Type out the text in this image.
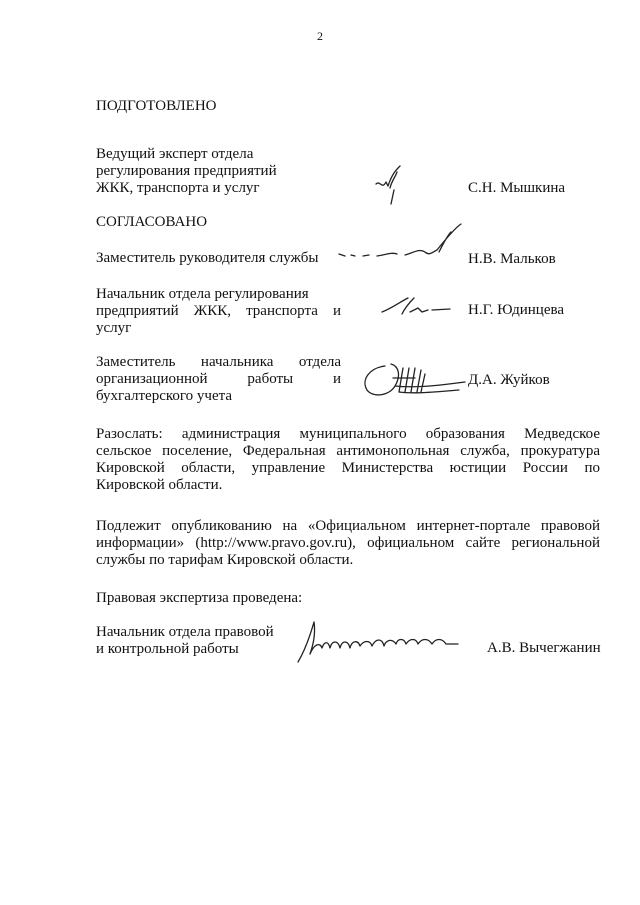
2
ПОДГОТОВЛЕНО
Ведущий эксперт отдела
регулирования предприятий
ЖКК, транспорта и услуг	С.Н. Мышкина
СОГЛАСОВАНО
Заместитель руководителя службы	Н.В. Мальков
Начальник отдела регулирования
предприятий ЖКК, транспорта и
услуг
Н.Г. Юдинцева
Заместитель начальника отдела
организационной работы и
бухгалтерского учета
Д.А. Жуйков
Разослать: администрация муниципального образования Медведское
сельское поселение, Федеральная антимонопольная служба, прокуратура
Кировской области, управление Министерства юстиции России по
Кировской области.
Подлежит опубликованию на «Официальном интернет-портале правовой
информации» (http://www.pravo.gov.ru), официальном сайте региональной
службы по тарифам Кировской области.
Правовая экспертиза проведена:
Начальник отдела правовой
и контрольной работы	А.В. Вычегжанин
